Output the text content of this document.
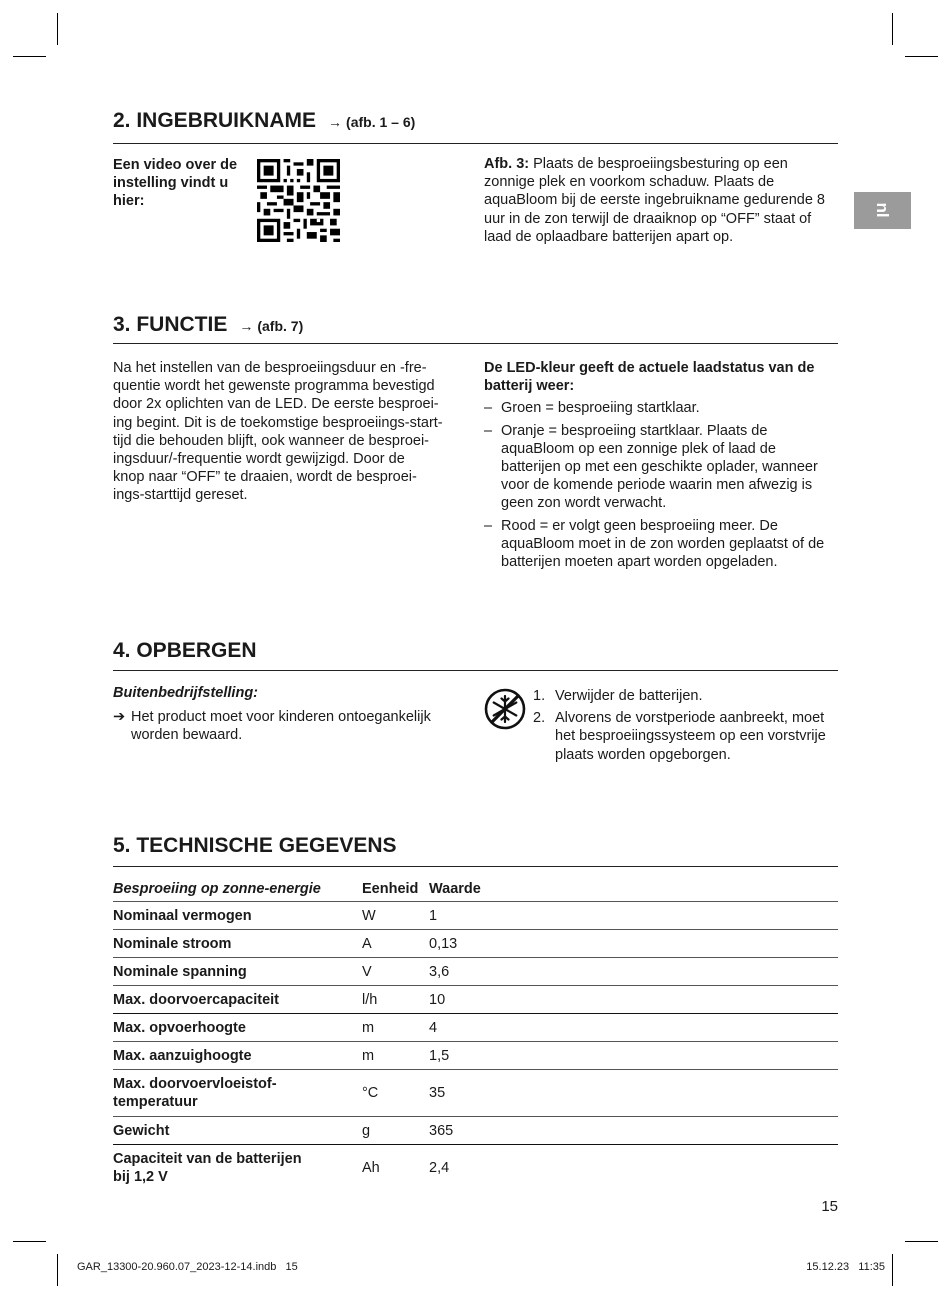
nl
2. INGEBRUIKNAME → (afb. 1 – 6)
Een video over de instelling vindt u hier:
Afb. 3: Plaats de besproeiingsbesturing op een zonnige plek en voorkom schaduw. Plaats de aquaBloom bij de eerste ingebruikname gedurende 8 uur in de zon terwijl de draaiknop op “OFF” staat of laad de oplaadbare batterijen apart op.
3. FUNCTIE → (afb. 7)
Na het instellen van de besproeiingsduur en -fre-
quentie wordt het gewenste programma bevestigd
door 2x oplichten van de LED. De eerste besproei-
ing begint. Dit is de toekomstige besproeiings-start-
tijd die behouden blijft, ook wanneer de besproei-
ingsduur/-frequentie wordt gewijzigd. Door de
knop naar “OFF” te draaien, wordt de besproei-
ings-starttijd gereset.
De LED-kleur geeft de actuele laadstatus van de batterij weer:
– Groen = besproeiing startklaar.
– Oranje = besproeiing startklaar. Plaats de aquaBloom op een zonnige plek of laad de batterijen op met een geschikte oplader, wanneer voor de komende periode waarin men afwezig is geen zon wordt verwacht.
– Rood = er volgt geen besproeiing meer. De aquaBloom moet in de zon worden geplaatst of de batterijen moeten apart worden opgeladen.
4. OPBERGEN
Buitenbedrijfstelling:
➔ Het product moet voor kinderen ontoegankelijk worden bewaard.
1. Verwijder de batterijen.
2. Alvorens de vorstperiode aanbreekt, moet het besproeiingssysteem op een vorstvrije plaats worden opgeborgen.
5. TECHNISCHE GEGEVENS
Besproeiing op zonne-energie	Eenheid	Waarde
Nominaal vermogen	W	1
Nominale stroom	A	0,13
Nominale spanning	V	3,6
Max. doorvoercapaciteit	l/h	10
Max. opvoerhoogte	m	4
Max. aanzuighoogte	m	1,5
Max. doorvoervloeistof-
temperatuur	°C	35
Gewicht	g	365
Capaciteit van de batterijen
bij 1,2 V	Ah	2,4
15
GAR_13300-20.960.07_2023-12-14.indb   15	15.12.23   11:35
